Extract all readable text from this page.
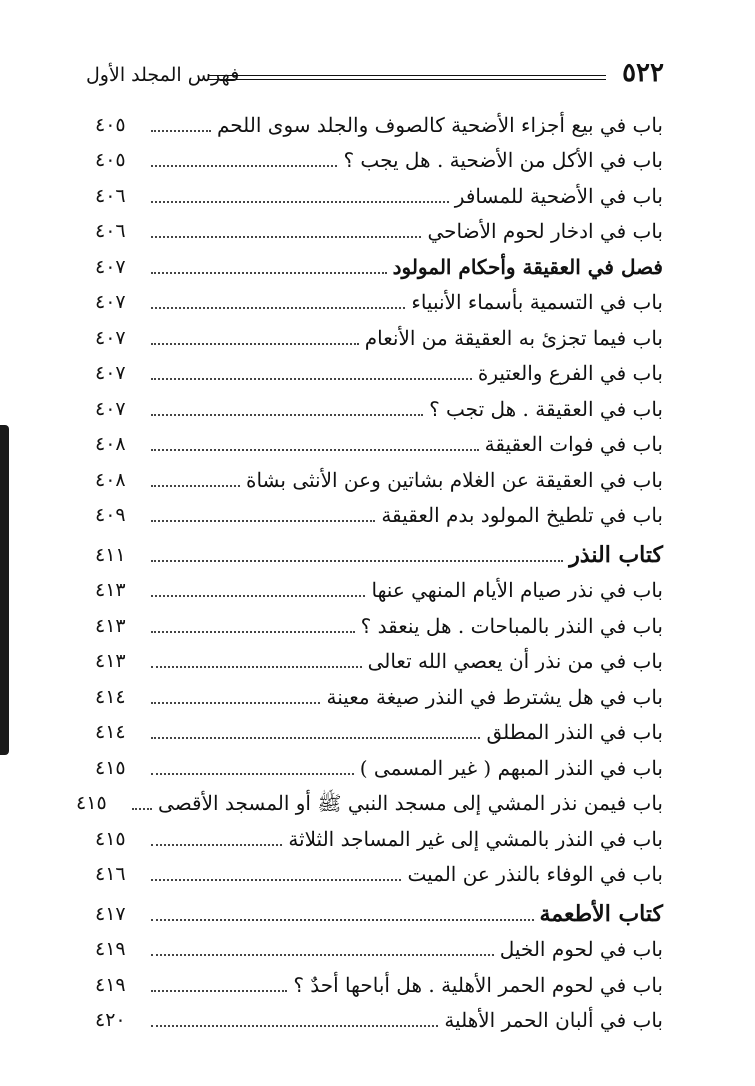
٥٢٢
فهرس المجلد الأول
باب في بيع أجزاء الأضحية كالصوف والجلد سوى اللحم
٤٠٥
باب في الأكل من الأضحية . هل يجب ؟
٤٠٥
باب في الأضحية للمسافر
٤٠٦
باب في ادخار لحوم الأضاحي
٤٠٦
فصل في العقيقة وأحكام المولود
٤٠٧
باب في التسمية بأسماء الأنبياء
٤٠٧
باب فيما تجزئ به العقيقة من الأنعام
٤٠٧
باب في الفرع والعتيرة
٤٠٧
باب في العقيقة . هل تجب ؟
٤٠٧
باب في فوات العقيقة
٤٠٨
باب في العقيقة عن الغلام بشاتين وعن الأنثى بشاة
٤٠٨
باب في تلطيخ المولود بدم العقيقة
٤٠٩
كتاب النذر
٤١١
باب في نذر صيام الأيام المنهي عنها
٤١٣
باب في النذر بالمباحات . هل ينعقد ؟
٤١٣
باب في من نذر أن يعصي الله تعالى
٤١٣
باب في هل يشترط في النذر صيغة معينة
٤١٤
باب في النذر المطلق
٤١٤
باب في النذر المبهم ( غير المسمى )
٤١٥
باب فيمن نذر المشي إلى مسجد النبي ﷺ أو المسجد الأقصى
٤١٥
باب في النذر بالمشي إلى غير المساجد الثلاثة
٤١٥
باب في الوفاء بالنذر عن الميت
٤١٦
كتاب الأطعمة
٤١٧
باب في لحوم الخيل
٤١٩
باب في لحوم الحمر الأهلية . هل أباحها أحدٌ ؟
٤١٩
باب في ألبان الحمر الأهلية
٤٢٠
